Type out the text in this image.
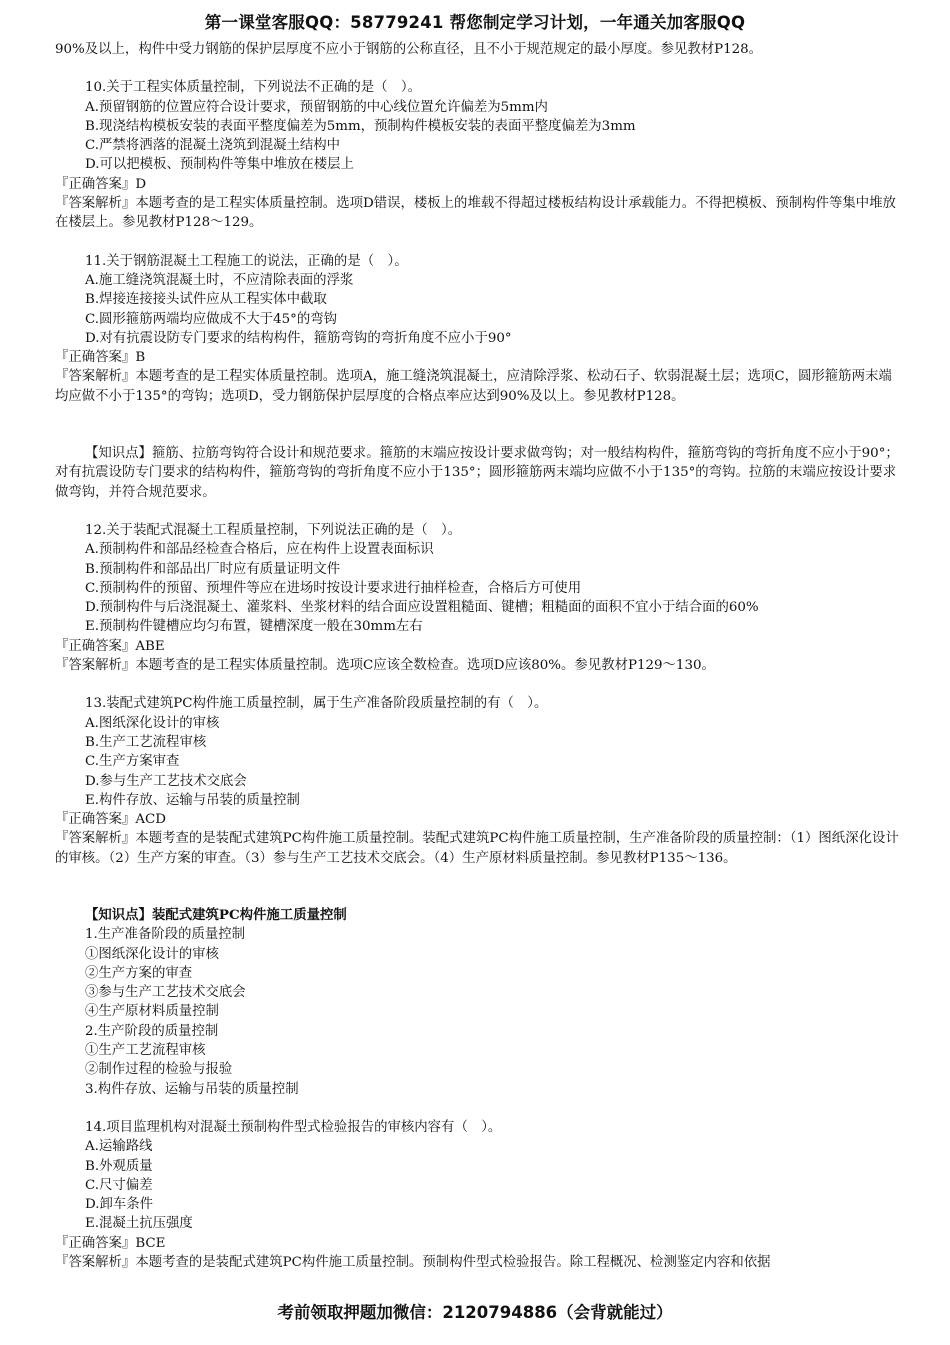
第一课堂客服QQ：58779241 帮您制定学习计划，一年通关加客服QQ

90%及以上，构件中受力钢筋的保护层厚度不应小于钢筋的公称直径，且不小于规范规定的最小厚度。参见教材P128。

10.关于工程实体质量控制，下列说法不正确的是（　）。

A.预留钢筋的位置应符合设计要求，预留钢筋的中心线位置允许偏差为5mm内

B.现浇结构模板安装的表面平整度偏差为5mm，预制构件模板安装的表面平整度偏差为3mm

C.严禁将洒落的混凝土浇筑到混凝土结构中

D.可以把模板、预制构件等集中堆放在楼层上

『正确答案』D

『答案解析』本题考查的是工程实体质量控制。选项D错误，楼板上的堆载不得超过楼板结构设计承载能力。不得把模板、预制构件等集中堆放在楼层上。参见教材P128～129。

11.关于钢筋混凝土工程施工的说法，正确的是（　）。

A.施工缝浇筑混凝土时，不应清除表面的浮浆

B.焊接连接接头试件应从工程实体中截取

C.圆形箍筋两端均应做成不大于45°的弯钩

D.对有抗震设防专门要求的结构构件，箍筋弯钩的弯折角度不应小于90°

『正确答案』B

『答案解析』本题考查的是工程实体质量控制。选项A，施工缝浇筑混凝土，应清除浮浆、松动石子、软弱混凝土层；选项C，圆形箍筋两末端均应做不小于135°的弯钩；选项D，受力钢筋保护层厚度的合格点率应达到90%及以上。参见教材P128。

【知识点】箍筋、拉筋弯钩符合设计和规范要求。箍筋的末端应按设计要求做弯钩；对一般结构构件，箍筋弯钩的弯折角度不应小于90°；对有抗震设防专门要求的结构构件，箍筋弯钩的弯折角度不应小于135°；圆形箍筋两末端均应做不小于135°的弯钩。拉筋的末端应按设计要求做弯钩，并符合规范要求。

12.关于装配式混凝土工程质量控制，下列说法正确的是（　）。

A.预制构件和部品经检查合格后，应在构件上设置表面标识

B.预制构件和部品出厂时应有质量证明文件

C.预制构件的预留、预埋件等应在进场时按设计要求进行抽样检查，合格后方可使用

D.预制构件与后浇混凝土、灌浆料、坐浆材料的结合面应设置粗糙面、键槽；粗糙面的面积不宜小于结合面的60%

E.预制构件键槽应均匀布置，键槽深度一般在30mm左右

『正确答案』ABE

『答案解析』本题考查的是工程实体质量控制。选项C应该全数检查。选项D应该80%。参见教材P129～130。

13.装配式建筑PC构件施工质量控制，属于生产准备阶段质量控制的有（　）。

A.图纸深化设计的审核

B.生产工艺流程审核

C.生产方案审查

D.参与生产工艺技术交底会

E.构件存放、运输与吊装的质量控制

『正确答案』ACD

『答案解析』本题考查的是装配式建筑PC构件施工质量控制。装配式建筑PC构件施工质量控制，生产准备阶段的质量控制：（1）图纸深化设计的审核。（2）生产方案的审查。（3）参与生产工艺技术交底会。（4）生产原材料质量控制。参见教材P135～136。

【知识点】装配式建筑PC构件施工质量控制

1.生产准备阶段的质量控制

①图纸深化设计的审核

②生产方案的审查

③参与生产工艺技术交底会

④生产原材料质量控制

2.生产阶段的质量控制

①生产工艺流程审核

②制作过程的检验与报验

3.构件存放、运输与吊装的质量控制

14.项目监理机构对混凝土预制构件型式检验报告的审核内容有（　）。

A.运输路线

B.外观质量

C.尺寸偏差

D.卸车条件

E.混凝土抗压强度

『正确答案』BCE

『答案解析』本题考查的是装配式建筑PC构件施工质量控制。预制构件型式检验报告。除工程概况、检测鉴定内容和依据

考前领取押题加微信：2120794886（会背就能过）
